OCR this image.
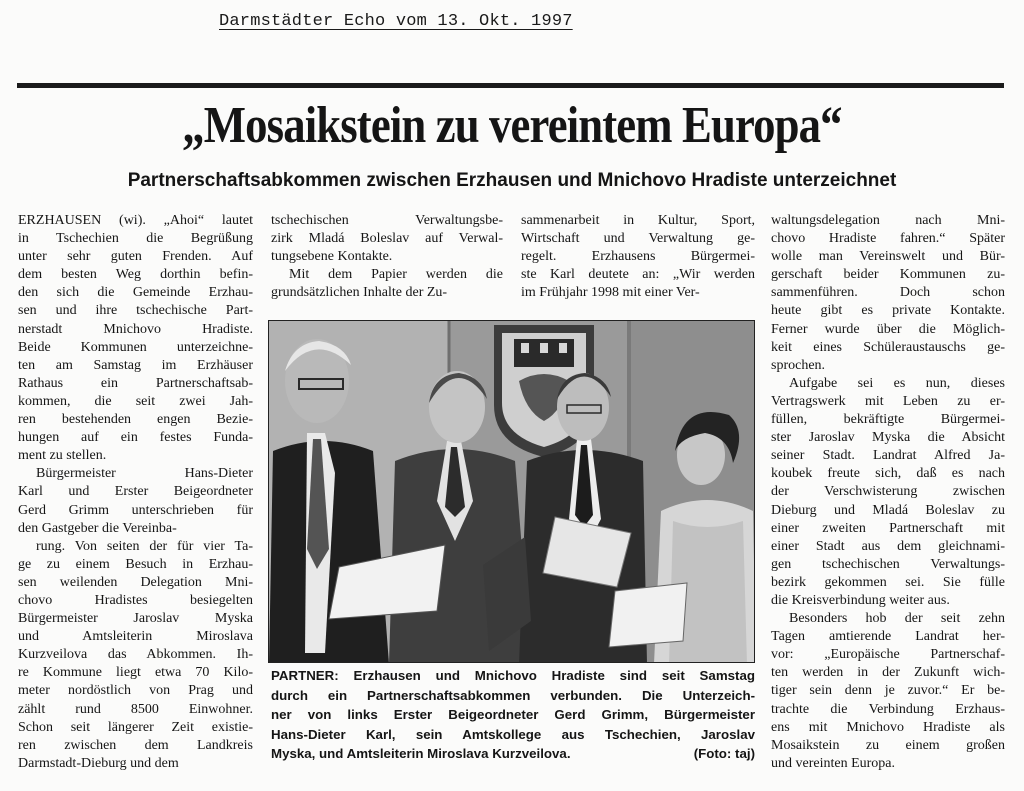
Darmstädter Echo vom 13. Okt. 1997
„Mosaikstein zu vereintem Europa“
Partnerschaftsabkommen zwischen Erzhausen und Mnichovo Hradiste unterzeichnet
ERZHAUSEN (wi). „Ahoi“ lautet
in Tschechien die Begrüßung
unter sehr guten Frenden. Auf
dem besten Weg dorthin befin-
den sich die Gemeinde Erzhau-
sen und ihre tschechische Part-
nerstadt Mnichovo Hradiste.
Beide Kommunen unterzeichne-
ten am Samstag im Erzhäuser
Rathaus ein Partnerschaftsab-
kommen, die seit zwei Jah-
ren bestehenden engen Bezie-
hungen auf ein festes Funda-
ment zu stellen.
Bürgermeister Hans-Dieter
Karl und Erster Beigeordneter
Gerd Grimm unterschrieben für
den Gastgeber die Vereinba-
rung. Von seiten der für vier Ta-
ge zu einem Besuch in Erzhau-
sen weilenden Delegation Mni-
chovo Hradistes besiegelten
Bürgermeister Jaroslav Myska
und Amtsleiterin Miroslava
Kurzveilova das Abkommen. Ih-
re Kommune liegt etwa 70 Kilo-
meter nordöstlich von Prag und
zählt rund 8500 Einwohner.
Schon seit längerer Zeit existie-
ren zwischen dem Landkreis
Darmstadt-Dieburg und dem
tschechischen Verwaltungsbe-
zirk Mladá Boleslav auf Verwal-
tungsebene Kontakte.
Mit dem Papier werden die
grundsätzlichen Inhalte der Zu-
sammenarbeit in Kultur, Sport,
Wirtschaft und Verwaltung ge-
regelt. Erzhausens Bürgermei-
ste Karl deutete an: „Wir werden
im Frühjahr 1998 mit einer Ver-
waltungsdelegation nach Mni-
chovo Hradiste fahren.“ Später
wolle man Vereinswelt und Bür-
gerschaft beider Kommunen zu-
sammenführen. Doch schon
heute gibt es private Kontakte.
Ferner wurde über die Möglich-
keit eines Schüleraustauschs ge-
sprochen.
Aufgabe sei es nun, dieses
Vertragswerk mit Leben zu er-
füllen, bekräftigte Bürgermei-
ster Jaroslav Myska die Absicht
seiner Stadt. Landrat Alfred Ja-
koubek freute sich, daß es nach
der Verschwisterung zwischen
Dieburg und Mladá Boleslav zu
einer zweiten Partnerschaft mit
einer Stadt aus dem gleichnami-
gen tschechischen Verwaltungs-
bezirk gekommen sei. Sie fülle
die Kreisverbindung weiter aus.
Besonders hob der seit zehn
Tagen amtierende Landrat her-
vor: „Europäische Partnerschaf-
ten werden in der Zukunft wich-
tiger sein denn je zuvor.“ Er be-
trachte die Verbindung Erzhaus-
ens mit Mnichovo Hradiste als
Mosaikstein zu einem großen
und vereinten Europa.
PARTNER: Erzhausen und Mnichovo Hradiste sind seit Samstag
durch ein Partnerschaftsabkommen verbunden. Die Unterzeich-
ner von links Erster Beigeordneter Gerd Grimm, Bürgermeister
Hans-Dieter Karl, sein Amtskollege aus Tschechien, Jaroslav
Myska, und Amtsleiterin Miroslava Kurzveilova.	(Foto: taj)
